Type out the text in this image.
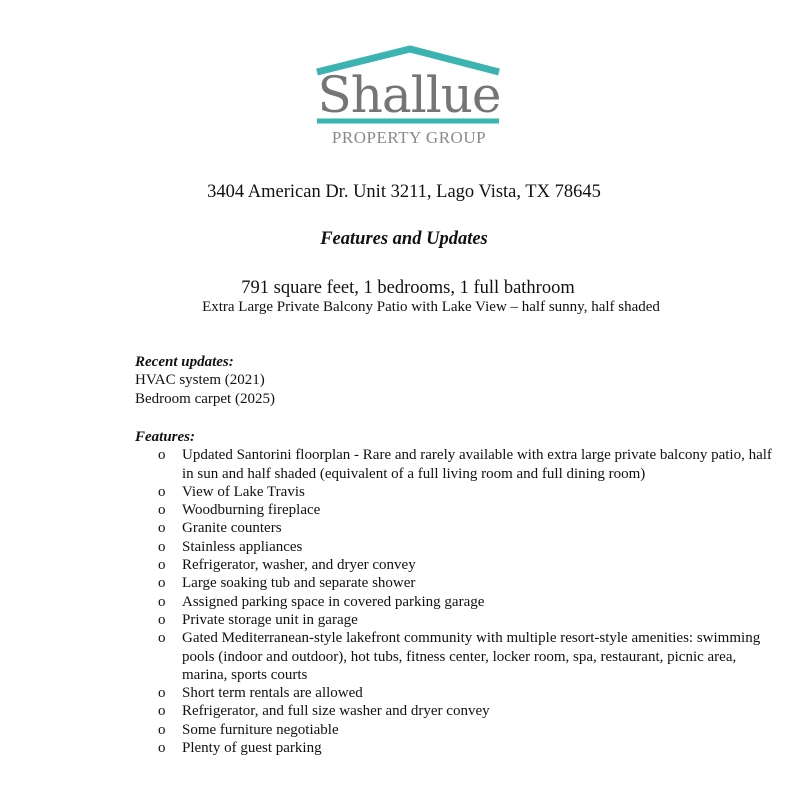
Shallue
PROPERTY GROUP
3404 American Dr. Unit 3211, Lago Vista, TX 78645
Features and Updates
791 square feet, 1 bedrooms, 1 full bathroom
Extra Large Private Balcony Patio with Lake View – half sunny, half shaded
Recent updates:
HVAC system (2021)
Bedroom carpet (2025)
Features:
o Updated Santorini floorplan - Rare and rarely available with extra large private balcony patio, half in sun and half shaded (equivalent of a full living room and full dining room)
o View of Lake Travis
o Woodburning fireplace
o Granite counters
o Stainless appliances
o Refrigerator, washer, and dryer convey
o Large soaking tub and separate shower
o Assigned parking space in covered parking garage
o Private storage unit in garage
o Gated Mediterranean-style lakefront community with multiple resort-style amenities: swimming pools (indoor and outdoor), hot tubs, fitness center, locker room, spa, restaurant, picnic area, marina, sports courts
o Short term rentals are allowed
o Refrigerator, and full size washer and dryer convey
o Some furniture negotiable
o Plenty of guest parking
